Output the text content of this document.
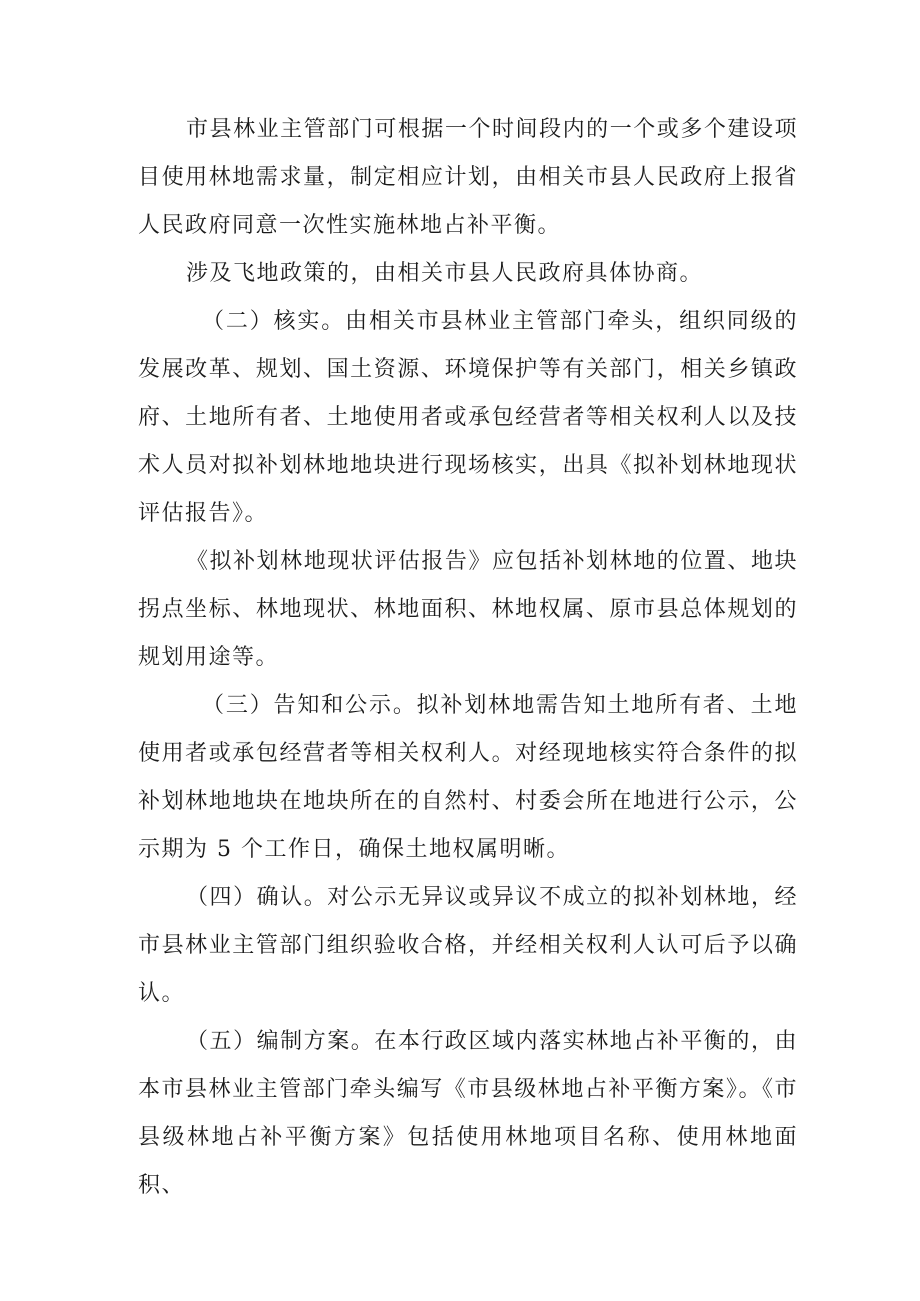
市县林业主管部门可根据一个时间段内的一个或多个建设项目使用林地需求量，制定相应计划，由相关市县人民政府上报省人民政府同意一次性实施林地占补平衡。

涉及飞地政策的，由相关市县人民政府具体协商。

（二）核实。由相关市县林业主管部门牵头，组织同级的发展改革、规划、国土资源、环境保护等有关部门，相关乡镇政府、土地所有者、土地使用者或承包经营者等相关权利人以及技术人员对拟补划林地地块进行现场核实，出具《拟补划林地现状评估报告》。

《拟补划林地现状评估报告》应包括补划林地的位置、地块拐点坐标、林地现状、林地面积、林地权属、原市县总体规划的规划用途等。

（三）告知和公示。拟补划林地需告知土地所有者、土地使用者或承包经营者等相关权利人。对经现地核实符合条件的拟补划林地地块在地块所在的自然村、村委会所在地进行公示，公示期为 5 个工作日，确保土地权属明晰。

（四）确认。对公示无异议或异议不成立的拟补划林地，经市县林业主管部门组织验收合格，并经相关权利人认可后予以确认。

（五）编制方案。在本行政区域内落实林地占补平衡的，由本市县林业主管部门牵头编写《市县级林地占补平衡方案》。《市县级林地占补平衡方案》包括使用林地项目名称、使用林地面积、
